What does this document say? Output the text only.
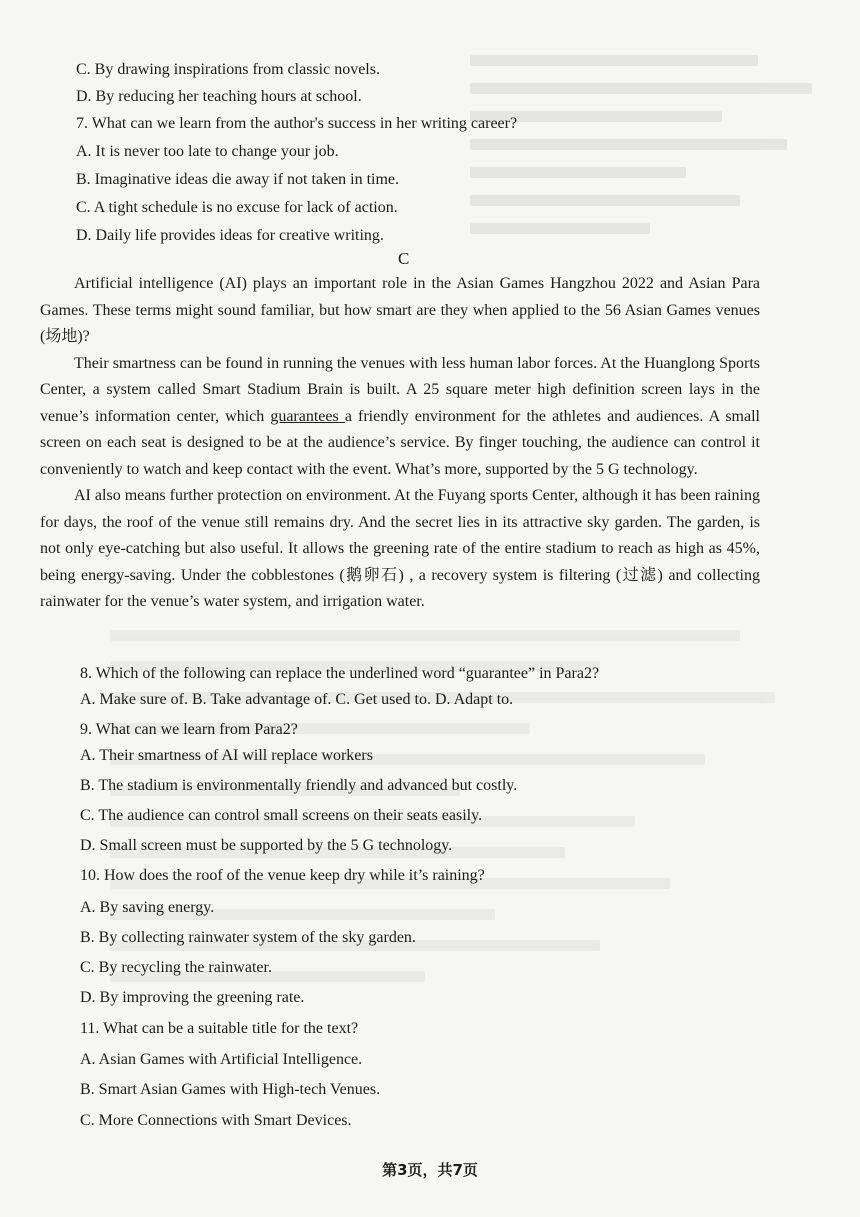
C. By drawing inspirations from classic novels.
D. By reducing her teaching hours at school.
7. What can we learn from the author's success in her writing career?
A. It is never too late to change your job.
B. Imaginative ideas die away if not taken in time.
C. A tight schedule is no excuse for lack of action.
D. Daily life provides ideas for creative writing.
C

Artificial intelligence (AI) plays an important role in the Asian Games Hangzhou 2022 and Asian Para Games. These terms might sound familiar, but how smart are they when applied to the 56 Asian Games venues (场地)?

Their smartness can be found in running the venues with less human labor forces. At the Huanglong Sports Center, a system called Smart Stadium Brain is built. A 25 square meter high definition screen lays in the venue’s information center, which guarantees a friendly environment for the athletes and audiences. A small screen on each seat is designed to be at the audience’s service. By finger touching, the audience can control it conveniently to watch and keep contact with the event. What’s more, supported by the 5 G technology.

AI also means further protection on environment. At the Fuyang sports Center, although it has been raining for days, the roof of the venue still remains dry. And the secret lies in its attractive sky garden. The garden, is not only eye-catching but also useful. It allows the greening rate of the entire stadium to reach as high as 45%, being energy-saving. Under the cobblestones (鹅卵石) , a recovery system is filtering (过滤) and collecting rainwater for the venue’s water system, and irrigation water.

8. Which of the following can replace the underlined word “guarantee” in Para2?
A. Make sure of. B. Take advantage of. C. Get used to. D. Adapt to.
9. What can we learn from Para2?
A. Their smartness of AI will replace workers
B. The stadium is environmentally friendly and advanced but costly.
C. The audience can control small screens on their seats easily.
D. Small screen must be supported by the 5 G technology.
10. How does the roof of the venue keep dry while it’s raining?
A. By saving energy.
B. By collecting rainwater system of the sky garden.
C. By recycling the rainwater.
D. By improving the greening rate.
11. What can be a suitable title for the text?
A. Asian Games with Artificial Intelligence.
B. Smart Asian Games with High-tech Venues.
C. More Connections with Smart Devices.
第3页，共7页
